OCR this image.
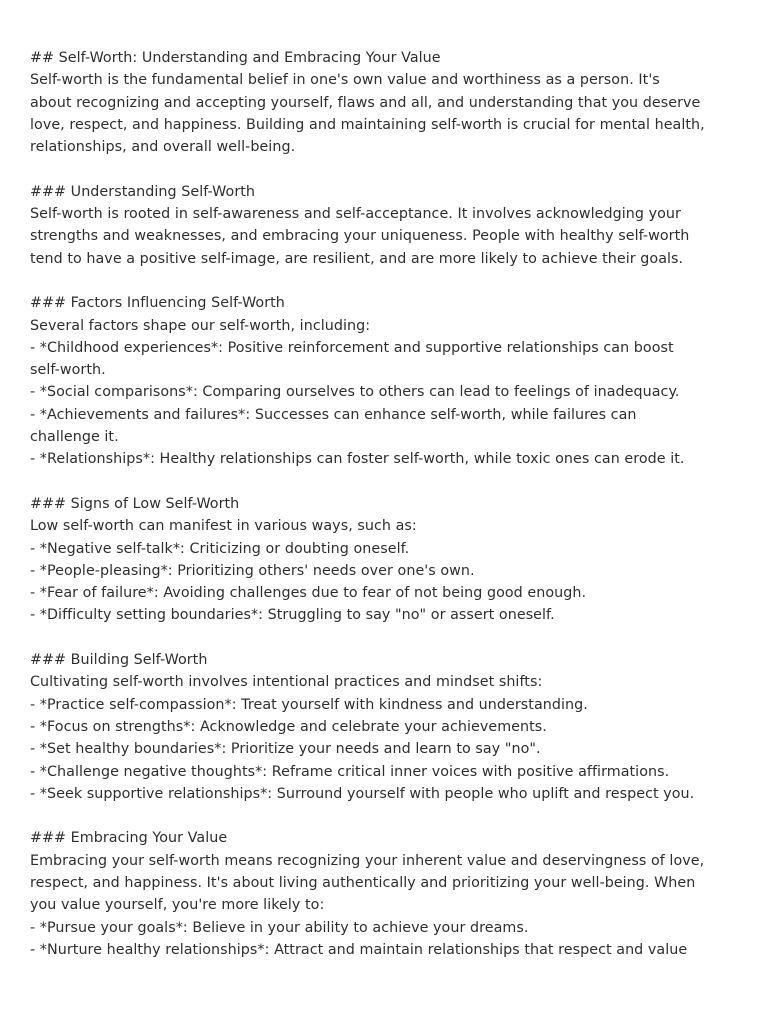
## Self-Worth: Understanding and Embracing Your Value
Self-worth is the fundamental belief in one's own value and worthiness as a person. It's
about recognizing and accepting yourself, flaws and all, and understanding that you deserve
love, respect, and happiness. Building and maintaining self-worth is crucial for mental health,
relationships, and overall well-being.
### Understanding Self-Worth
Self-worth is rooted in self-awareness and self-acceptance. It involves acknowledging your
strengths and weaknesses, and embracing your uniqueness. People with healthy self-worth
tend to have a positive self-image, are resilient, and are more likely to achieve their goals.
### Factors Influencing Self-Worth
Several factors shape our self-worth, including:
- *Childhood experiences*: Positive reinforcement and supportive relationships can boost
self-worth.
- *Social comparisons*: Comparing ourselves to others can lead to feelings of inadequacy.
- *Achievements and failures*: Successes can enhance self-worth, while failures can
challenge it.
- *Relationships*: Healthy relationships can foster self-worth, while toxic ones can erode it.
### Signs of Low Self-Worth
Low self-worth can manifest in various ways, such as:
- *Negative self-talk*: Criticizing or doubting oneself.
- *People-pleasing*: Prioritizing others' needs over one's own.
- *Fear of failure*: Avoiding challenges due to fear of not being good enough.
- *Difficulty setting boundaries*: Struggling to say "no" or assert oneself.
### Building Self-Worth
Cultivating self-worth involves intentional practices and mindset shifts:
- *Practice self-compassion*: Treat yourself with kindness and understanding.
- *Focus on strengths*: Acknowledge and celebrate your achievements.
- *Set healthy boundaries*: Prioritize your needs and learn to say "no".
- *Challenge negative thoughts*: Reframe critical inner voices with positive affirmations.
- *Seek supportive relationships*: Surround yourself with people who uplift and respect you.
### Embracing Your Value
Embracing your self-worth means recognizing your inherent value and deservingness of love,
respect, and happiness. It's about living authentically and prioritizing your well-being. When
you value yourself, you're more likely to:
- *Pursue your goals*: Believe in your ability to achieve your dreams.
- *Nurture healthy relationships*: Attract and maintain relationships that respect and value
